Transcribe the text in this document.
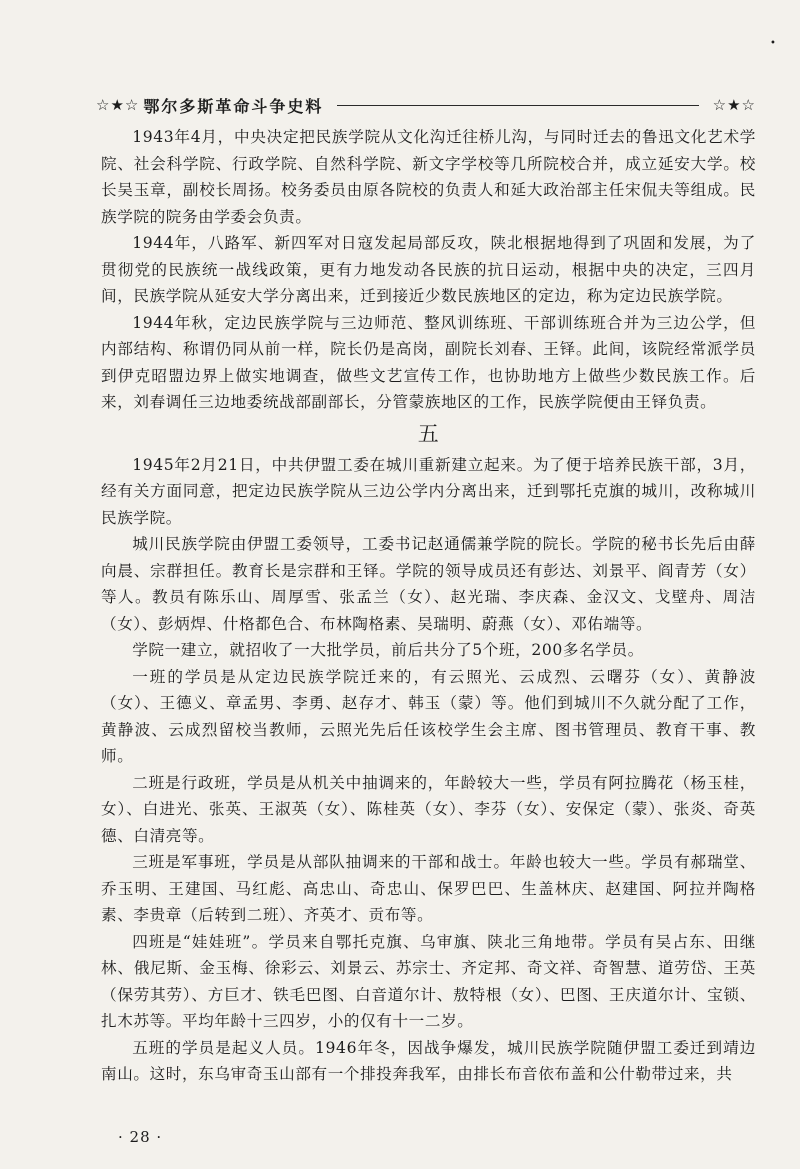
•
☆★☆ 鄂尔多斯革命斗争史料	☆★☆

1943年4月，中央决定把民族学院从文化沟迁往桥儿沟，与同时迁去的鲁迅文化艺术学院、社会科学院、行政学院、自然科学院、新文字学校等几所院校合并，成立延安大学。校长吴玉章，副校长周扬。校务委员由原各院校的负责人和延大政治部主任宋侃夫等组成。民族学院的院务由学委会负责。

1944年，八路军、新四军对日寇发起局部反攻，陕北根据地得到了巩固和发展，为了贯彻党的民族统一战线政策，更有力地发动各民族的抗日运动，根据中央的决定，三四月间，民族学院从延安大学分离出来，迁到接近少数民族地区的定边，称为定边民族学院。

1944年秋，定边民族学院与三边师范、整风训练班、干部训练班合并为三边公学，但内部结构、称谓仍同从前一样，院长仍是高岗，副院长刘春、王铎。此间，该院经常派学员到伊克昭盟边界上做实地调查，做些文艺宣传工作，也协助地方上做些少数民族工作。后来，刘春调任三边地委统战部副部长，分管蒙族地区的工作，民族学院便由王铎负责。

五

1945年2月21日，中共伊盟工委在城川重新建立起来。为了便于培养民族干部，3月，经有关方面同意，把定边民族学院从三边公学内分离出来，迁到鄂托克旗的城川，改称城川民族学院。

城川民族学院由伊盟工委领导，工委书记赵通儒兼学院的院长。学院的秘书长先后由薛向晨、宗群担任。教育长是宗群和王铎。学院的领导成员还有彭达、刘景平、阎青芳（女）等人。教员有陈乐山、周厚雪、张孟兰（女）、赵光瑞、李庆森、金汉文、戈壁舟、周洁（女）、彭炳焊、什格都色合、布林陶格素、吴瑞明、蔚燕（女）、邓佑端等。

学院一建立，就招收了一大批学员，前后共分了5个班，200多名学员。

一班的学员是从定边民族学院迁来的，有云照光、云成烈、云曙芬（女）、黄静波（女）、王德义、章孟男、李勇、赵存才、韩玉（蒙）等。他们到城川不久就分配了工作，黄静波、云成烈留校当教师，云照光先后任该校学生会主席、图书管理员、教育干事、教师。

二班是行政班，学员是从机关中抽调来的，年龄较大一些，学员有阿拉腾花（杨玉桂，女）、白进光、张英、王淑英（女）、陈桂英（女）、李芬（女）、安保定（蒙）、张炎、奇英德、白清亮等。

三班是军事班，学员是从部队抽调来的干部和战士。年龄也较大一些。学员有郝瑞堂、乔玉明、王建国、马红彪、高忠山、奇忠山、保罗巴巴、生盖林庆、赵建国、阿拉并陶格素、李贵章（后转到二班）、齐英才、贡布等。

四班是“娃娃班”。学员来自鄂托克旗、乌审旗、陕北三角地带。学员有吴占东、田继林、俄尼斯、金玉梅、徐彩云、刘景云、苏宗士、齐定邦、奇文祥、奇智慧、道劳岱、王英（保劳其劳）、方巨才、铁毛巴图、白音道尔计、敖特根（女）、巴图、王庆道尔计、宝锁、扎木苏等。平均年龄十三四岁，小的仅有十一二岁。

五班的学员是起义人员。1946年冬，因战争爆发，城川民族学院随伊盟工委迁到靖边南山。这时，东乌审奇玉山部有一个排投奔我军，由排长布音依布盖和公什勒带过来，共

· 28 ·
